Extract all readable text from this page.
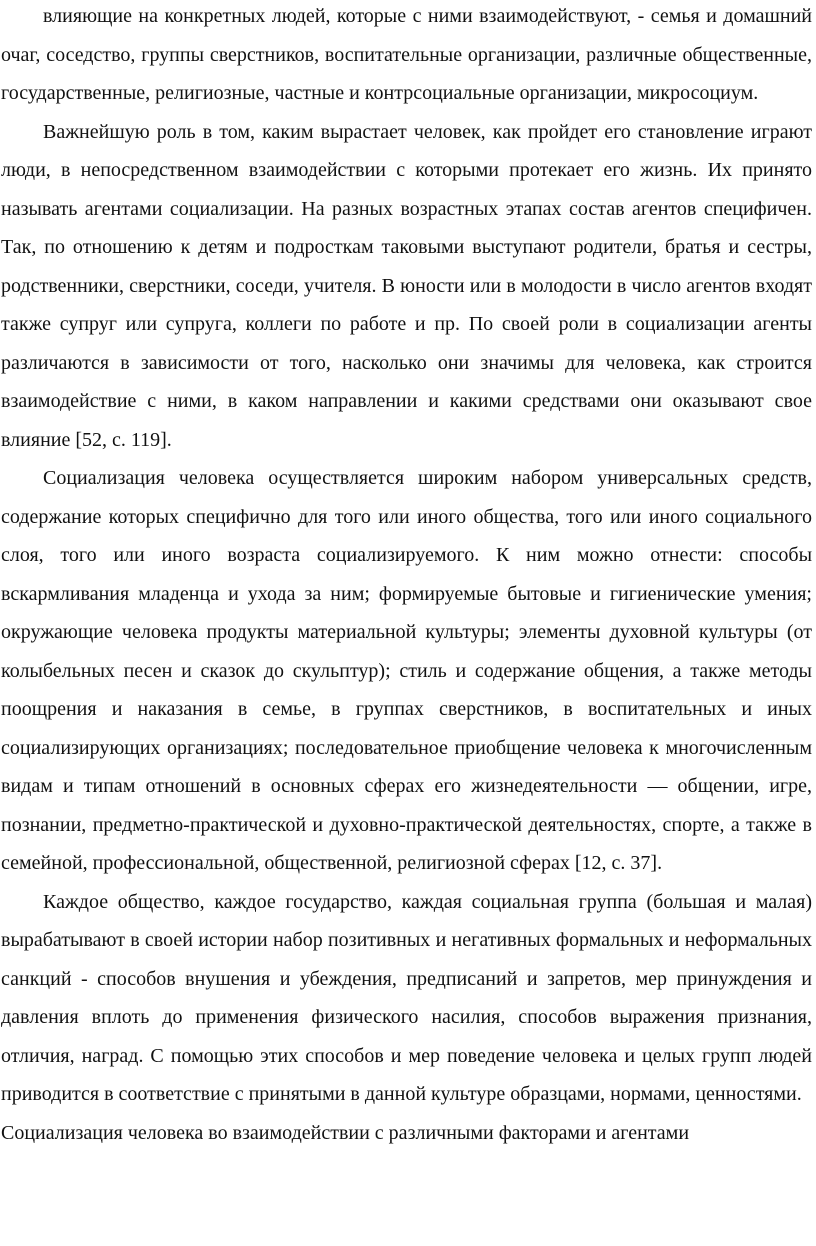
влияющие на конкретных людей, которые с ними взаимодействуют, - семья и домашний очаг, соседство, группы сверстников, воспитательные организации, различные общественные, государственные, религиозные, частные и контрсоциальные организации, микросоциум.

Важнейшую роль в том, каким вырастает человек, как пройдет его становление играют люди, в непосредственном взаимодействии с которыми протекает его жизнь. Их принято называть агентами социализации. На разных возрастных этапах состав агентов специфичен. Так, по отношению к детям и подросткам таковыми выступают родители, братья и сестры, родственники, сверстники, соседи, учителя. В юности или в молодости в число агентов входят также супруг или супруга, коллеги по работе и пр. По своей роли в социализации агенты различаются в зависимости от того, насколько они значимы для человека, как строится взаимодействие с ними, в каком направлении и какими средствами они оказывают свое влияние [52, с. 119].

Социализация человека осуществляется широким набором универсальных средств, содержание которых специфично для того или иного общества, того или иного социального слоя, того или иного возраста социализируемого. К ним можно отнести: способы вскармливания младенца и ухода за ним; формируемые бытовые и гигиенические умения; окружающие человека продукты материальной культуры; элементы духовной культуры (от колыбельных песен и сказок до скульптур); стиль и содержание общения, а также методы поощрения и наказания в семье, в группах сверстников, в воспитательных и иных социализирующих организациях; последовательное приобщение человека к многочисленным видам и типам отношений в основных сферах его жизнедеятельности — общении, игре, познании, предметно-практической и духовно-практической деятельностях, спорте, а также в семейной, профессиональной, общественной, религиозной сферах [12, с. 37].

Каждое общество, каждое государство, каждая социальная группа (большая и малая) вырабатывают в своей истории набор позитивных и негативных формальных и неформальных санкций - способов внушения и убеждения, предписаний и запретов, мер принуждения и давления вплоть до применения физического насилия, способов выражения признания, отличия, наград. С помощью этих способов и мер поведение человека и целых групп людей приводится в соответствие с принятыми в данной культуре образцами, нормами, ценностями.

Социализация человека во взаимодействии с различными факторами и агентами
